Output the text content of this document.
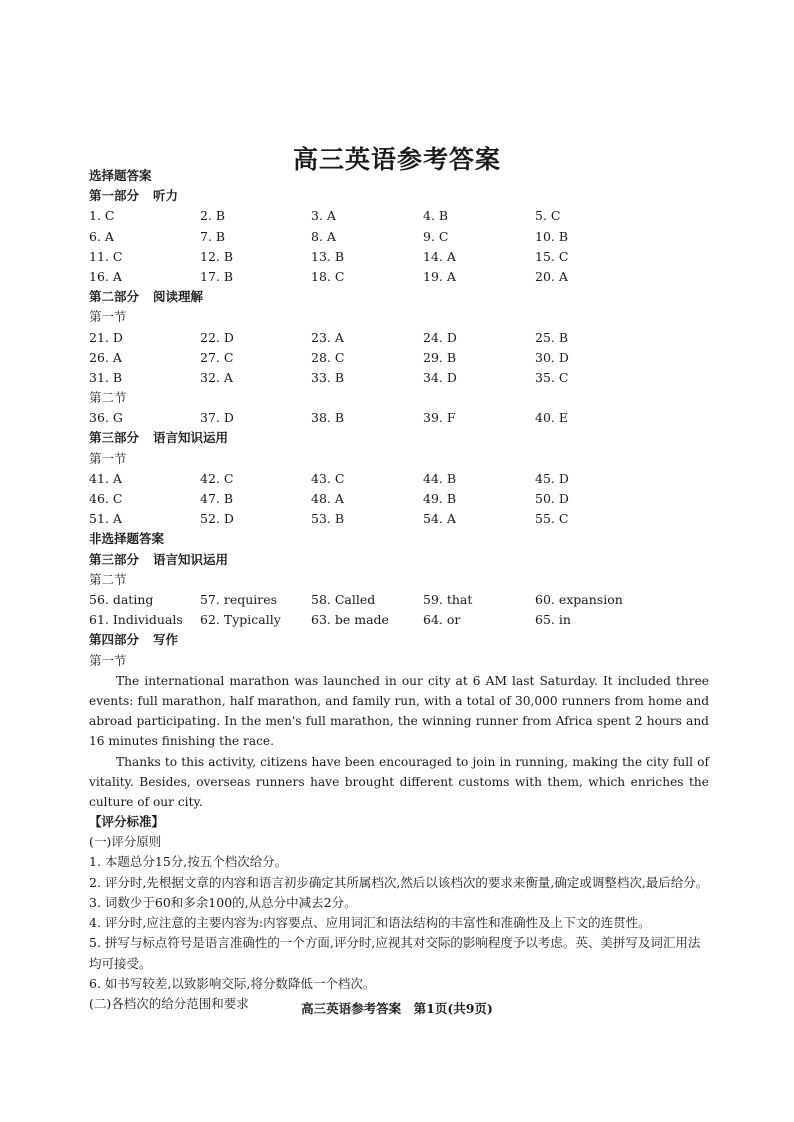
高三英语参考答案
选择题答案
第一部分 听力
1. C	2. B	3. A	4. B	5. C
6. A	7. B	8. A	9. C	10. B
11. C	12. B	13. B	14. A	15. C
16. A	17. B	18. C	19. A	20. A
第二部分 阅读理解
第一节
21. D	22. D	23. A	24. D	25. B
26. A	27. C	28. C	29. B	30. D
31. B	32. A	33. B	34. D	35. C
第二节
36. G	37. D	38. B	39. F	40. E
第三部分 语言知识运用
第一节
41. A	42. C	43. C	44. B	45. D
46. C	47. B	48. A	49. B	50. D
51. A	52. D	53. B	54. A	55. C
非选择题答案
第三部分 语言知识运用
第二节
56. dating	57. requires	58. Called	59. that	60. expansion
61. Individuals 62. Typically 63. be made	64. or	65. in
第四部分 写作
第一节
The international marathon was launched in our city at 6 AM last Saturday. It included three events: full marathon, half marathon, and family run, with a total of 30,000 runners from home and abroad participating. In the men's full marathon, the winning runner from Africa spent 2 hours and 16 minutes finishing the race.
Thanks to this activity, citizens have been encouraged to join in running, making the city full of vitality. Besides, overseas runners have brought different customs with them, which enriches the culture of our city.
【评分标准】
(一)评分原则
1. 本题总分15分,按五个档次给分。
2. 评分时,先根据文章的内容和语言初步确定其所属档次,然后以该档次的要求来衡量,确定或调整档次,最后给分。
3. 词数少于60和多余100的,从总分中减去2分。
4. 评分时,应注意的主要内容为:内容要点、应用词汇和语法结构的丰富性和准确性及上下文的连贯性。
5. 拼写与标点符号是语言准确性的一个方面,评分时,应视其对交际的影响程度予以考虑。英、美拼写及词汇用法均可接受。
6. 如书写较差,以致影响交际,将分数降低一个档次。
(二)各档次的给分范围和要求	高三英语参考答案　第1页(共9页)
